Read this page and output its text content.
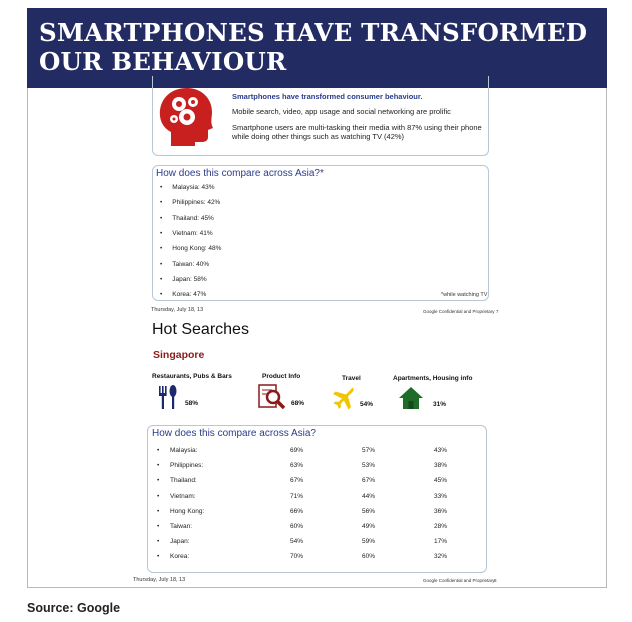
SMARTPHONES HAVE TRANSFORMED OUR BEHAVIOUR
Smartphones have transformed consumer behaviour.
Mobile search, video, app usage and social networking are prolific
Smartphone users are multi-tasking their media with 87% using their phone while doing other things such as watching TV (42%)
How does this compare across Asia?*
• Malaysia: 43%
• Philippines: 42%
• Thailand: 45%
• Vietnam: 41%
• Hong Kong: 48%
• Taiwan: 40%
• Japan: 58%
• Korea: 47%	*while watching TV
Thursday, July 18, 13	Google Confidential and Proprietary 7
Hot Searches
Singapore
Restaurants, Pubs & Bars
58%
Product Info
68%
Travel
54%
Apartments, Housing info
31%
How does this compare across Asia?
• Malaysia:	69%	57%	43%
• Philippines:	63%	53%	38%
• Thailand:	67%	67%	45%
• Vietnam:	71%	44%	33%
• Hong Kong:	66%	56%	36%
• Taiwan:	60%	49%	28%
• Japan:	54%	59%	17%
• Korea:	70%	60%	32%
Thursday, July 18, 13	Google Confidential and Proprietary 8
Source: Google
